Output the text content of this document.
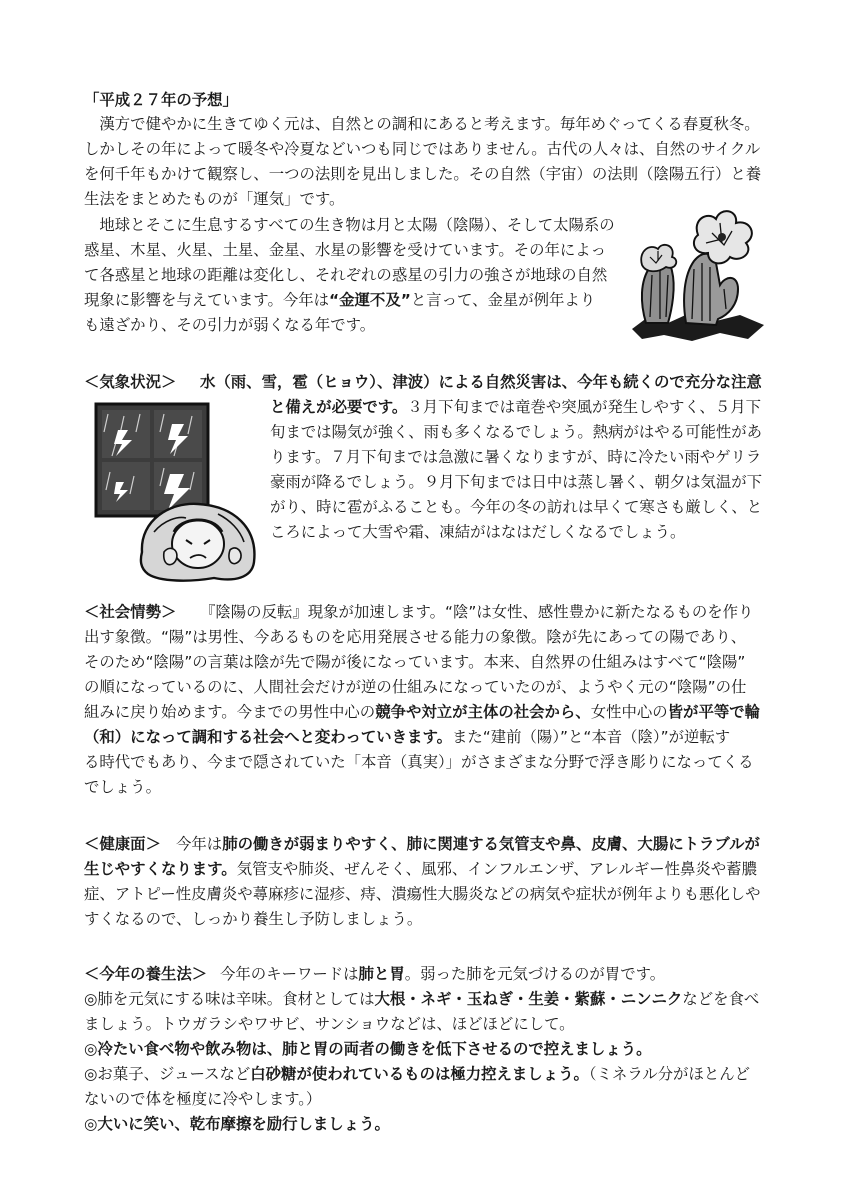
「平成２７年の予想」
　漢方で健やかに生きてゆく元は、自然との調和にあると考えます。毎年めぐってくる春夏秋冬。
しかしその年によって暖冬や冷夏などいつも同じではありません。古代の人々は、自然のサイクル
を何千年もかけて観察し、一つの法則を見出しました。その自然（宇宙）の法則（陰陽五行）と養
生法をまとめたものが「運気」です。
　地球とそこに生息するすべての生き物は月と太陽（陰陽）、そして太陽系の
惑星、木星、火星、土星、金星、水星の影響を受けています。その年によっ
て各惑星と地球の距離は変化し、それぞれの惑星の引力の強さが地球の自然
現象に影響を与えています。今年は“金運不及”と言って、金星が例年より
も遠ざかり、その引力が弱くなる年です。
＜気象状況＞ 水（雨、雪，雹（ヒョウ）、津波）による自然災害は、今年も続くので充分な注意
と備えが必要です。３月下旬までは竜巻や突風が発生しやすく、５月下
旬までは陽気が強く、雨も多くなるでしょう。熱病がはやる可能性があ
ります。７月下旬までは急激に暑くなりますが、時に冷たい雨やゲリラ
豪雨が降るでしょう。９月下旬までは日中は蒸し暑く、朝夕は気温が下
がり、時に雹がふることも。今年の冬の訪れは早くて寒さも厳しく、と
ころによって大雪や霜、凍結がはなはだしくなるでしょう。
＜社会情勢＞ 『陰陽の反転』現象が加速します。“陰”は女性、感性豊かに新たなるものを作り
出す象徴。“陽”は男性、今あるものを応用発展させる能力の象徴。陰が先にあっての陽であり、
そのため“陰陽”の言葉は陰が先で陽が後になっています。本来、自然界の仕組みはすべて“陰陽”
の順になっているのに、人間社会だけが逆の仕組みになっていたのが、ようやく元の“陰陽”の仕
組みに戻り始めます。今までの男性中心の競争や対立が主体の社会から、女性中心の皆が平等で輪
（和）になって調和する社会へと変わっていきます。また“建前（陽）”と“本音（陰）”が逆転す
る時代でもあり、今まで隠されていた「本音（真実）」がさまざまな分野で浮き彫りになってくる
でしょう。
＜健康面＞ 今年は肺の働きが弱まりやすく、肺に関連する気管支や鼻、皮膚、大腸にトラブルが
生じやすくなります。気管支や肺炎、ぜんそく、風邪、インフルエンザ、アレルギー性鼻炎や蓄膿
症、アトピー性皮膚炎や蕁麻疹に湿疹、痔、潰瘍性大腸炎などの病気や症状が例年よりも悪化しや
すくなるので、しっかり養生し予防しましょう。
＜今年の養生法＞ 今年のキーワードは肺と胃。弱った肺を元気づけるのが胃です。
◎肺を元気にする味は辛味。食材としては大根・ネギ・玉ねぎ・生姜・紫蘇・ニンニクなどを食べ
ましょう。トウガラシやワサビ、サンショウなどは、ほどほどにして。
◎冷たい食べ物や飲み物は、肺と胃の両者の働きを低下させるので控えましょう。
◎お菓子、ジュースなど白砂糖が使われているものは極力控えましょう。（ミネラル分がほとんど
ないので体を極度に冷やします。）
◎大いに笑い、乾布摩擦を励行しましょう。
